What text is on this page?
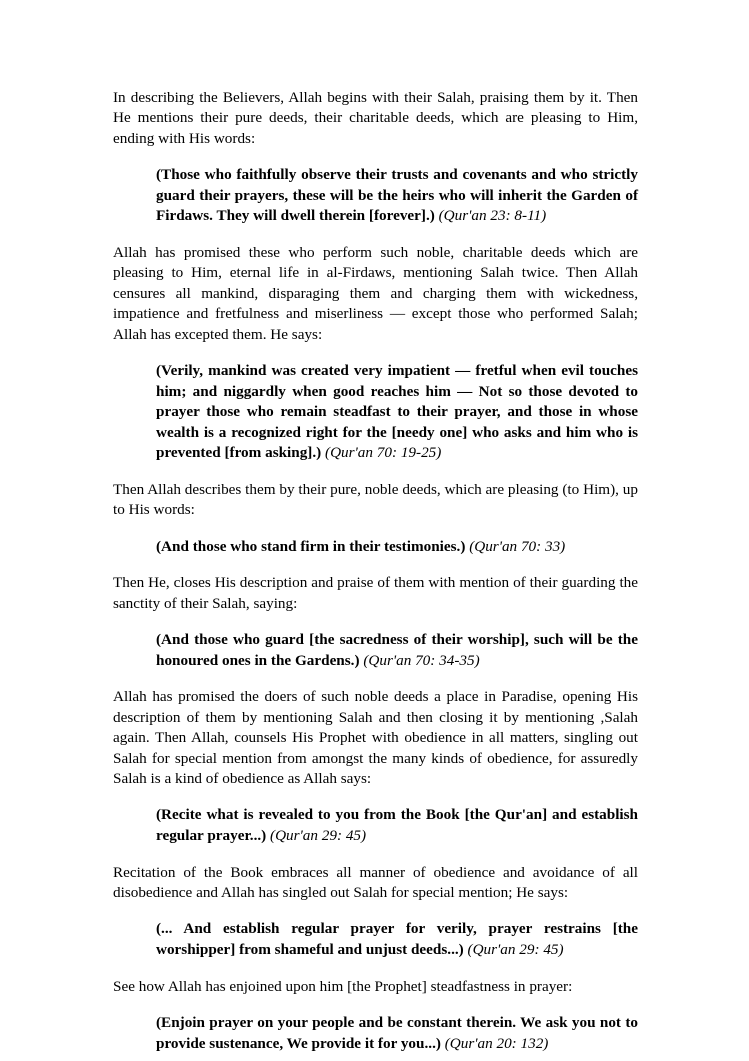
In describing the Believers, Allah begins with their Salah, praising them by it. Then He mentions their pure deeds, their charitable deeds, which are pleasing to Him, ending with His words:

(Those who faithfully observe their trusts and covenants and who strictly guard their prayers, these will be the heirs who will inherit the Garden of Firdaws. They will dwell therein [forever].) (Qur'an 23: 8-11)

Allah has promised these who perform such noble, charitable deeds which are pleasing to Him, eternal life in al-Firdaws, mentioning Salah twice. Then Allah censures all mankind, disparaging them and charging them with wickedness, impatience and fretfulness and miserliness — except those who performed Salah; Allah has excepted them. He says:

(Verily, mankind was created very impatient — fretful when evil touches him; and niggardly when good reaches him — Not so those devoted to prayer those who remain steadfast to their prayer, and those in whose wealth is a recognized right for the [needy one] who asks and him who is prevented [from asking].) (Qur'an 70: 19-25)

Then Allah describes them by their pure, noble deeds, which are pleasing (to Him), up to His words:

(And those who stand firm in their testimonies.) (Qur'an 70: 33)

Then He, closes His description and praise of them with mention of their guarding the sanctity of their Salah, saying:

(And those who guard [the sacredness of their worship], such will be the honoured ones in the Gardens.) (Qur'an 70: 34-35)

Allah has promised the doers of such noble deeds a place in Paradise, opening His description of them by mentioning Salah and then closing it by mentioning ,Salah again. Then Allah, counsels His Prophet with obedience in all matters, singling out Salah for special mention from amongst the many kinds of obedience, for assuredly Salah is a kind of obedience as Allah says:

(Recite what is revealed to you from the Book [the Qur'an] and establish regular prayer...) (Qur'an 29: 45)

Recitation of the Book embraces all manner of obedience and avoidance of all disobedience and Allah has singled out Salah for special mention; He says:

(... And establish regular prayer for verily, prayer restrains [the worshipper] from shameful and unjust deeds...) (Qur'an 29: 45)

See how Allah has enjoined upon him [the Prophet] steadfastness in prayer:

(Enjoin prayer on your people and be constant therein. We ask you not to provide sustenance, We provide it for you...) (Qur'an 20: 132)
